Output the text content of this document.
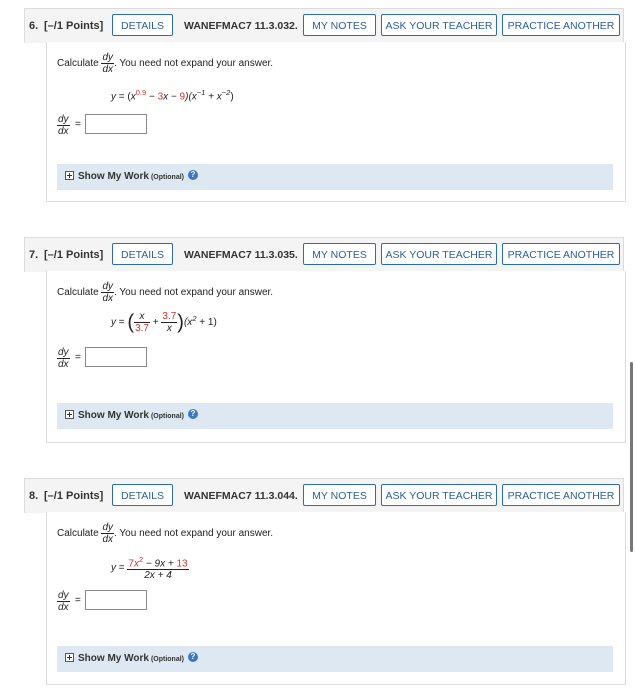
6. [–/1 Points]	DETAILS	WANEFMAC7 11.3.032.	MY NOTES	ASK YOUR TEACHER	PRACTICE ANOTHER
Calculate $\frac{dy}{dx}$ . You need not expand your answer.
$y = (x^{0.9} - 3x - 9)(x^{-1} + x^{-2})$
$\frac{dy}{dx}$ =
Show My Work (Optional) ?
7. [–/1 Points]	DETAILS	WANEFMAC7 11.3.035.	MY NOTES	ASK YOUR TEACHER	PRACTICE ANOTHER
Calculate $\frac{dy}{dx}$ . You need not expand your answer.
y = ( $\frac{x}{3.7} + \frac{3.7}{x} )(x^2 + 1)$
$\frac{dy}{dx}$ =
Show My Work (Optional) ?
8. [–/1 Points]	DETAILS	WANEFMAC7 11.3.044.	MY NOTES	ASK YOUR TEACHER	PRACTICE ANOTHER
Calculate $\frac{dy}{dx}$ . You need not expand your answer.
$y = \frac{7x^2 - 9x + 13}{2x + 4}$
$\frac{dy}{dx}$ =
Show My Work (Optional) ?
